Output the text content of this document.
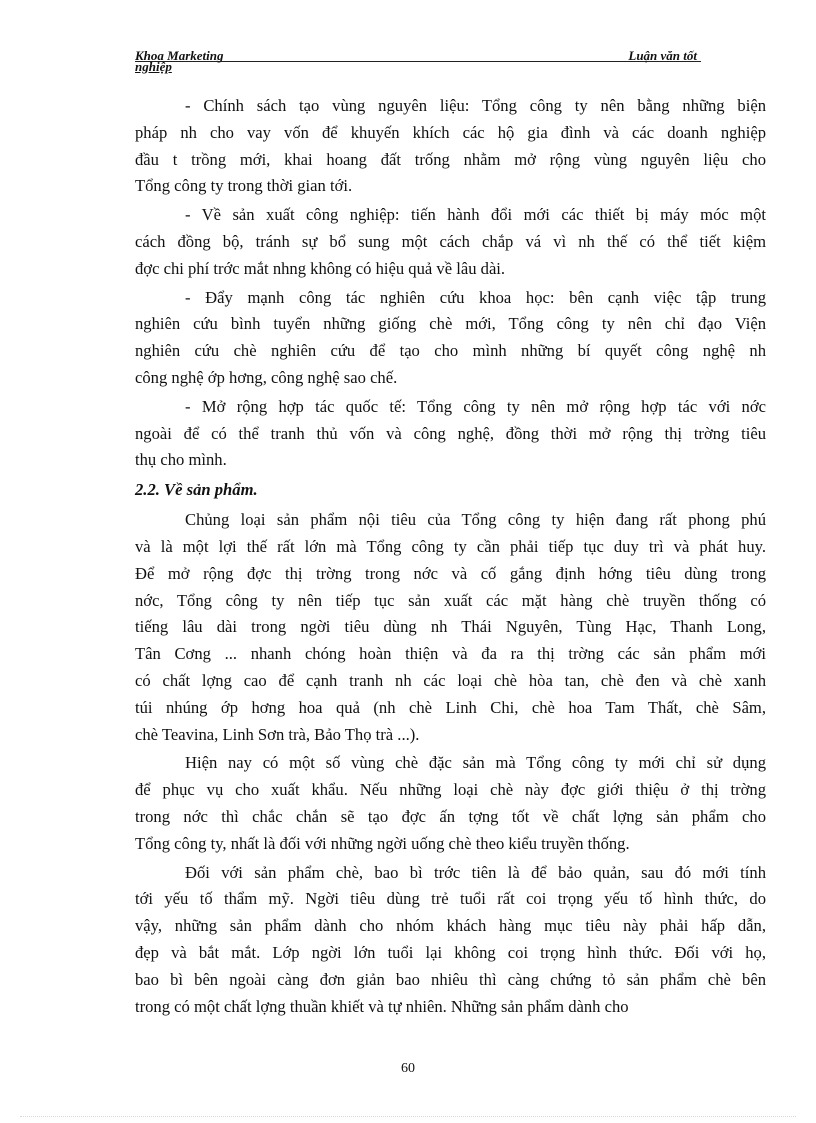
Khoa Marketing
nghiệp
Luận văn tốt
- Chính sách tạo vùng nguyên liệu: Tổng công ty nên bằng những biện
pháp nh cho vay vốn để khuyến khích các hộ gia đình và các doanh nghiệp
đầu t trồng mới, khai hoang đất trống nhằm mở rộng vùng nguyên liệu cho
Tổng công ty trong thời gian tới.
- Về sản xuất công nghiệp: tiến hành đổi mới các thiết bị máy móc một
cách đồng bộ, tránh sự bổ sung một cách chắp vá vì nh thế có thể tiết kiệm
đợc chi phí trớc mắt nhng không có hiệu quả về lâu dài.
- Đẩy mạnh công tác nghiên cứu khoa học: bên cạnh việc tập trung
nghiên cứu bình tuyển những giống chè mới, Tổng công ty nên chỉ đạo Viện
nghiên cứu chè nghiên cứu để tạo cho mình những bí quyết công nghệ nh
công nghệ ớp hơng, công nghệ sao chế.
- Mở rộng hợp tác quốc tế: Tổng công ty nên mở rộng hợp tác với nớc
ngoài để có thể tranh thủ vốn và công nghệ, đồng thời mở rộng thị trờng tiêu
thụ cho mình.
2.2. Về sản phẩm.
Chủng loại sản phẩm nội tiêu của Tổng công ty hiện đang rất phong phú
và là một lợi thế rất lớn mà Tổng công ty cần phải tiếp tục duy trì và phát huy.
Để mở rộng đợc thị trờng trong nớc và cố gắng định hớng tiêu dùng trong
nớc, Tổng công ty nên tiếp tục sản xuất các mặt hàng chè truyền thống có
tiếng lâu dài trong ngời tiêu dùng nh Thái Nguyên, Tùng Hạc, Thanh Long,
Tân Cơng ... nhanh chóng hoàn thiện và đa ra thị trờng các sản phẩm mới
có chất lợng cao để cạnh tranh nh các loại chè hòa tan, chè đen và chè xanh
túi nhúng ớp hơng hoa quả (nh chè Linh Chi, chè hoa Tam Thất, chè Sâm,
chè Teavina, Linh Sơn trà, Bảo Thọ trà ...).
Hiện nay có một số vùng chè đặc sản mà Tổng công ty mới chỉ sử dụng
để phục vụ cho xuất khẩu. Nếu những loại chè này đợc giới thiệu ở thị trờng
trong nớc thì chắc chắn sẽ tạo đợc ấn tợng tốt về chất lợng sản phẩm cho
Tổng công ty, nhất là đối với những ngời uống chè theo kiểu truyền thống.
Đối với sản phẩm chè, bao bì trớc tiên là để bảo quản, sau đó mới tính
tới yếu tố thẩm mỹ. Ngời tiêu dùng trẻ tuổi rất coi trọng yếu tố hình thức, do
vậy, những sản phẩm dành cho nhóm khách hàng mục tiêu này phải hấp dẫn,
đẹp và bắt mắt. Lớp ngời lớn tuổi lại không coi trọng hình thức. Đối với họ,
bao bì bên ngoài càng đơn giản bao nhiêu thì càng chứng tỏ sản phẩm chè bên
trong có một chất lợng thuần khiết và tự nhiên. Những sản phẩm dành cho
60
